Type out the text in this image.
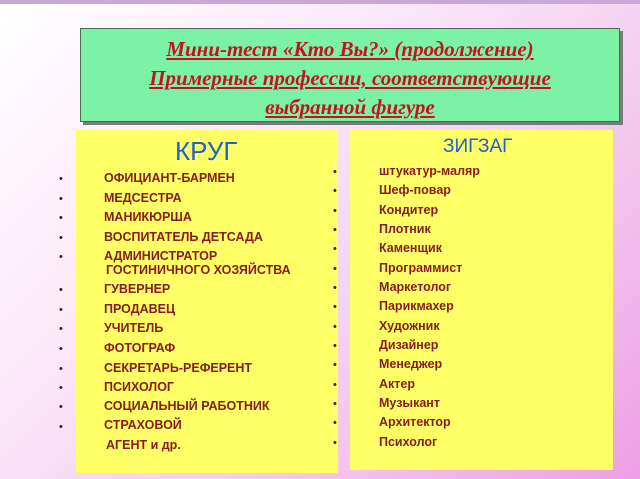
Мини-тест «Кто Вы?» (продолжение)
Примерные профессии, соответствующие
выбранной фигуре
КРУГ	ЗИГЗАГ
•
•
•
•
•
•
•
•
•
•
•
•
•
ОФИЦИАНТ-БАРМЕН
МЕДСЕСТРА
МАНИКЮРША
ВОСПИТАТЕЛЬ ДЕТСАДА
АДМИНИСТРАТОР
ГОСТИНИЧНОГО ХОЗЯЙСТВА
ГУВЕРНЕР
ПРОДАВЕЦ
УЧИТЕЛЬ
ФОТОГРАФ
СЕКРЕТАРЬ-РЕФЕРЕНТ
ПСИХОЛОГ
СОЦИАЛЬНЫЙ РАБОТНИК
СТРАХОВОЙ
АГЕНТ и др.
•
•
•
•
•
•
•
•
•
•
•
•
•
•
•
штукатур-маляр
Шеф-повар
Кондитер
Плотник
Каменщик
Программист
Маркетолог
Парикмахер
Художник
Дизайнер
Менеджер
Актер
Музыкант
Архитектор
Психолог
